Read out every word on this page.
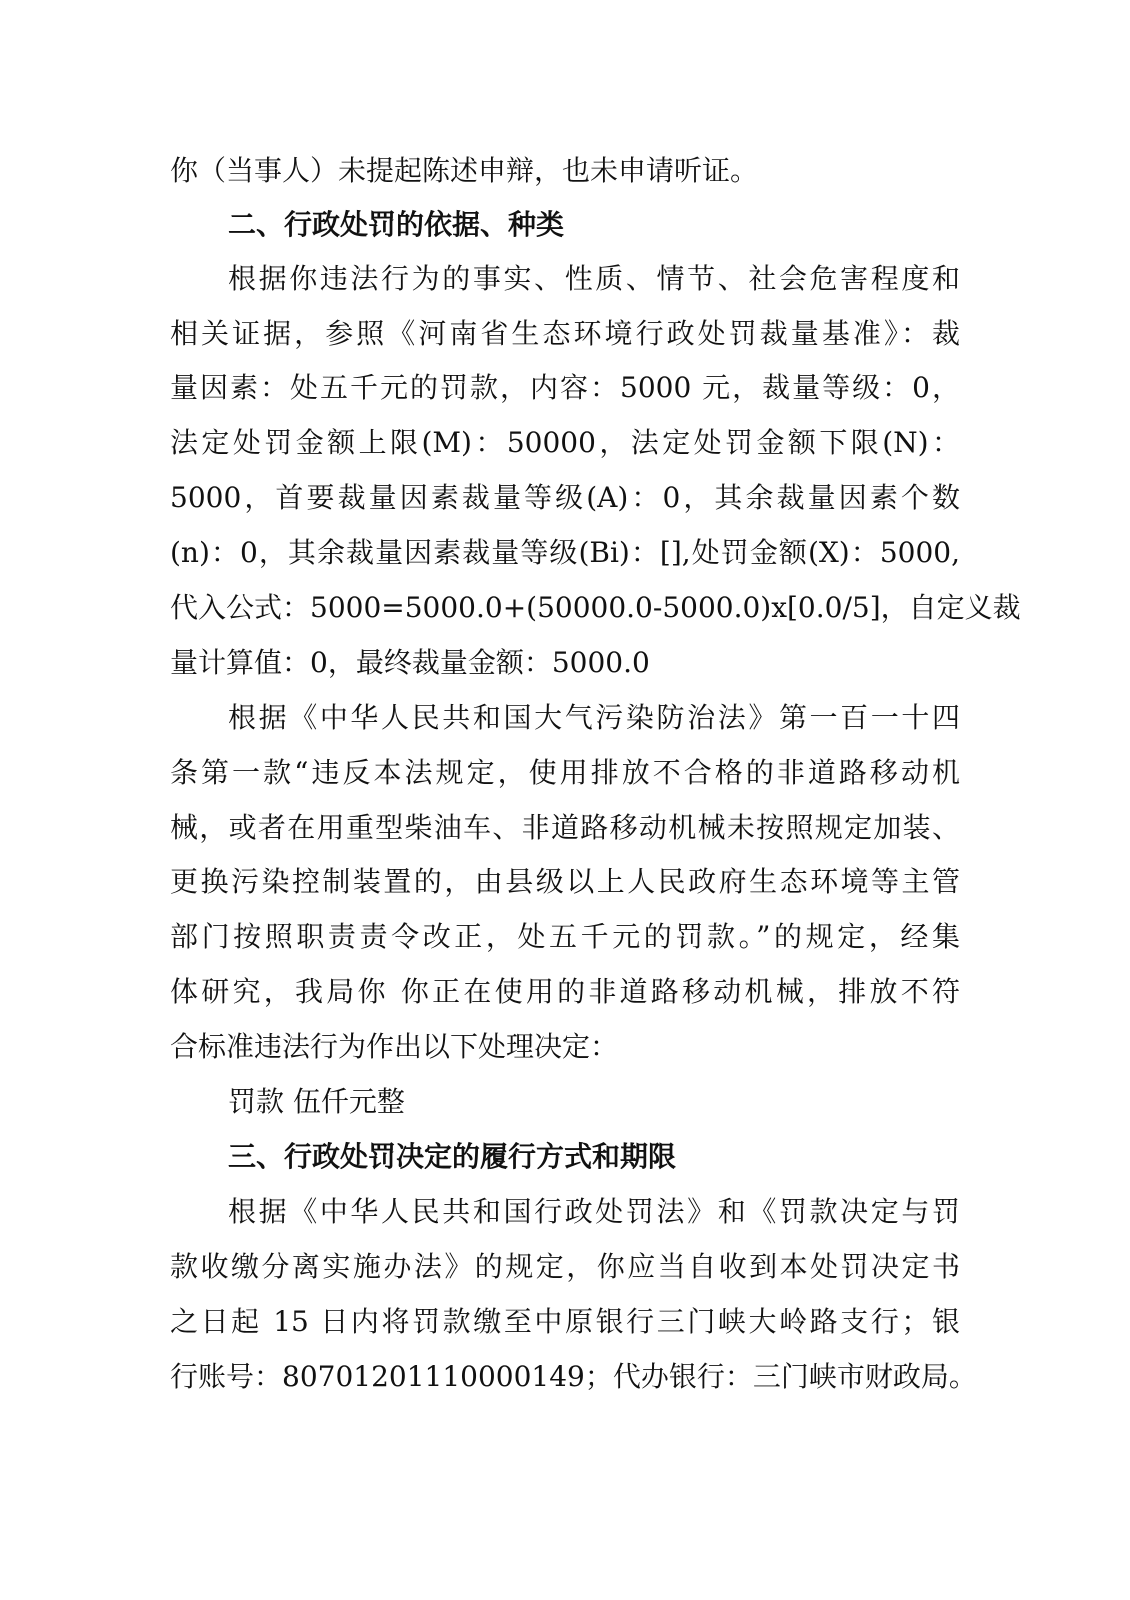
你（当事人）未提起陈述申辩，也未申请听证。
二、行政处罚的依据、种类
根据你违法行为的事实、性质、情节、社会危害程度和
相关证据，参照《河南省生态环境行政处罚裁量基准》：裁
量因素：处五千元的罚款，内容：5000 元，裁量等级：0，
法定处罚金额上限(M)：50000，法定处罚金额下限(N)：
5000，首要裁量因素裁量等级(A)：0，其余裁量因素个数
(n)：0，其余裁量因素裁量等级(Bi)：[],处罚金额(X)：5000,
代入公式：5000=5000.0+(50000.0-5000.0)x[0.0/5]，自定义裁
量计算值：0，最终裁量金额：5000.0
根据《中华人民共和国大气污染防治法》第一百一十四
条第一款“违反本法规定，使用排放不合格的非道路移动机
械，或者在用重型柴油车、非道路移动机械未按照规定加装、
更换污染控制装置的，由县级以上人民政府生态环境等主管
部门按照职责责令改正，处五千元的罚款。”的规定，经集
体研究，我局你 你正在使用的非道路移动机械，排放不符
合标准违法行为作出以下处理决定：
罚款 伍仟元整
三、行政处罚决定的履行方式和期限
根据《中华人民共和国行政处罚法》和《罚款决定与罚
款收缴分离实施办法》的规定，你应当自收到本处罚决定书
之日起 15 日内将罚款缴至中原银行三门峡大岭路支行；银
行账号：80701201110000149；代办银行：三门峡市财政局。
